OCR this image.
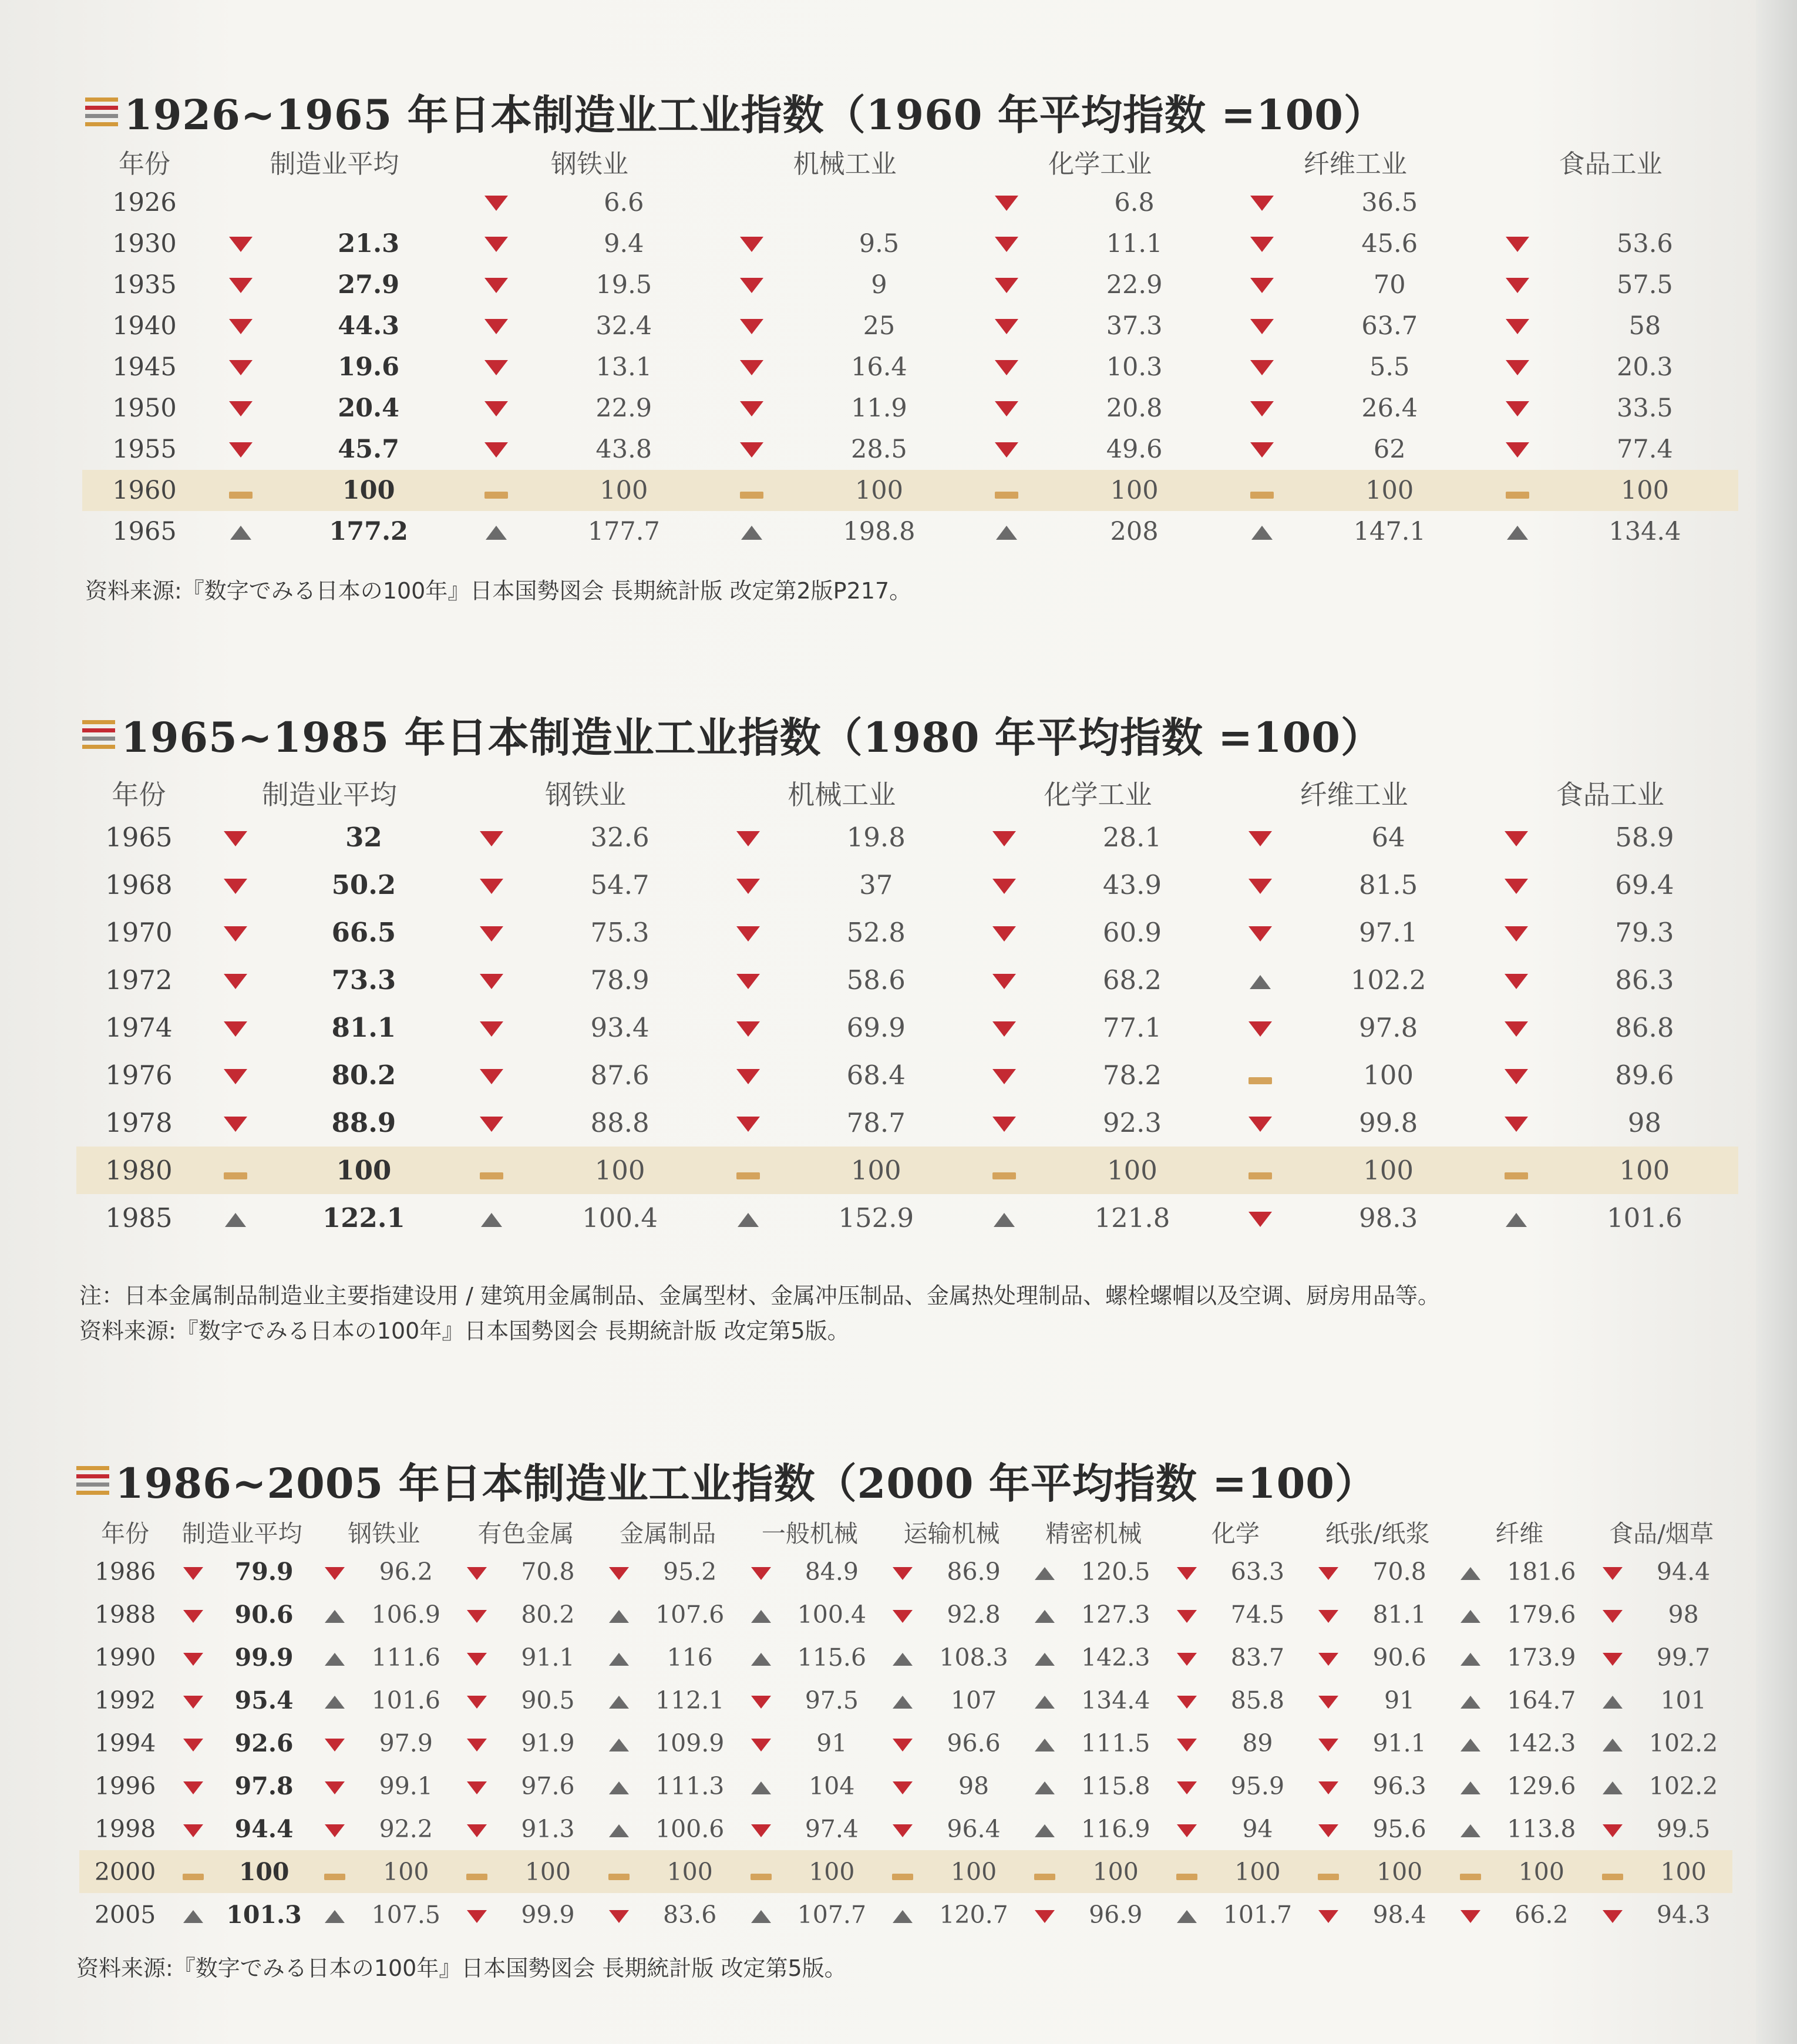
1926~1965 年日本制造业工业指数（1960 年平均指数 =100）
年份	制造业平均		钢铁业		机械工业		化学工业		纤维工业		食品工业	
1926				6.6				6.8		36.5		
1930		21.3		9.4		9.5		11.1		45.6		53.6
1935		27.9		19.5		9		22.9		70		57.5
1940		44.3		32.4		25		37.3		63.7		58
1945		19.6		13.1		16.4		10.3		5.5		20.3
1950		20.4		22.9		11.9		20.8		26.4		33.5
1955		45.7		43.8		28.5		49.6		62		77.4
1960		100		100		100		100		100		100
1965		177.2		177.7		198.8		208		147.1		134.4
资料来源:『数字でみる日本の100年』日本国勢図会 長期統計版 改定第2版P217。
1965~1985 年日本制造业工业指数（1980 年平均指数 =100）
年份	制造业平均		钢铁业		机械工业		化学工业		纤维工业		食品工业	
1965		32		32.6		19.8		28.1		64		58.9
1968		50.2		54.7		37		43.9		81.5		69.4
1970		66.5		75.3		52.8		60.9		97.1		79.3
1972		73.3		78.9		58.6		68.2		102.2		86.3
1974		81.1		93.4		69.9		77.1		97.8		86.8
1976		80.2		87.6		68.4		78.2		100		89.6
1978		88.9		88.8		78.7		92.3		99.8		98
1980		100		100		100		100		100		100
1985		122.1		100.4		152.9		121.8		98.3		101.6
注：日本金属制品制造业主要指建设用 / 建筑用金属制品、金属型材、金属冲压制品、金属热处理制品、螺栓螺帽以及空调、厨房用品等。
资料来源:『数字でみる日本の100年』日本国勢図会 長期統計版 改定第5版。
1986~2005 年日本制造业工业指数（2000 年平均指数 =100）
年份	制造业平均		钢铁业		有色金属		金属制品		一般机械		运输机械		精密机械		化学		纸张/纸浆		纤维		食品/烟草	
1986		79.9		96.2		70.8		95.2		84.9		86.9		120.5		63.3		70.8		181.6		94.4
1988		90.6		106.9		80.2		107.6		100.4		92.8		127.3		74.5		81.1		179.6		98
1990		99.9		111.6		91.1		116		115.6		108.3		142.3		83.7		90.6		173.9		99.7
1992		95.4		101.6		90.5		112.1		97.5		107		134.4		85.8		91		164.7		101
1994		92.6		97.9		91.9		109.9		91		96.6		111.5		89		91.1		142.3		102.2
1996		97.8		99.1		97.6		111.3		104		98		115.8		95.9		96.3		129.6		102.2
1998		94.4		92.2		91.3		100.6		97.4		96.4		116.9		94		95.6		113.8		99.5
2000		100		100		100		100		100		100		100		100		100		100		100
2005		101.3		107.5		99.9		83.6		107.7		120.7		96.9		101.7		98.4		66.2		94.3
资料来源:『数字でみる日本の100年』日本国勢図会 長期統計版 改定第5版。
